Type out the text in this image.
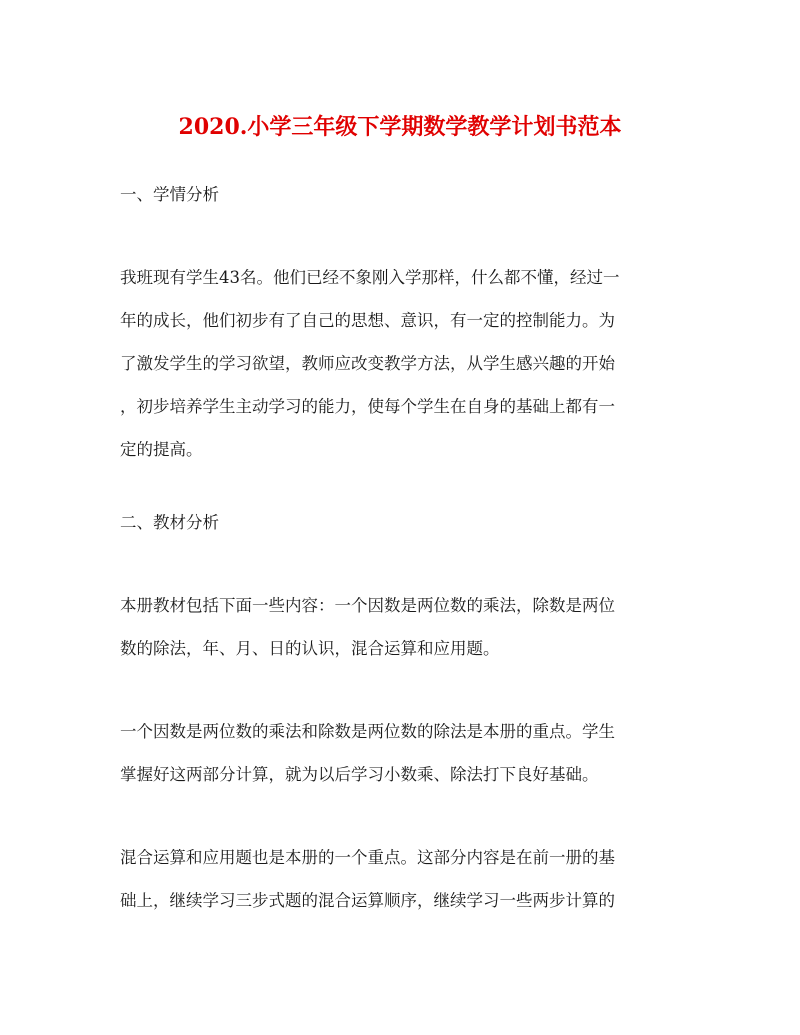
2020.小学三年级下学期数学教学计划书范本
一、学情分析
我班现有学生43名。他们已经不象刚入学那样，什么都不懂，经过一
年的成长，他们初步有了自己的思想、意识，有一定的控制能力。为
了激发学生的学习欲望，教师应改变教学方法，从学生感兴趣的开始
，初步培养学生主动学习的能力，使每个学生在自身的基础上都有一
定的提高。
二、教材分析
本册教材包括下面一些内容：一个因数是两位数的乘法，除数是两位
数的除法，年、月、日的认识，混合运算和应用题。
一个因数是两位数的乘法和除数是两位数的除法是本册的重点。学生
掌握好这两部分计算，就为以后学习小数乘、除法打下良好基础。
混合运算和应用题也是本册的一个重点。这部分内容是在前一册的基
础上，继续学习三步式题的混合运算顺序，继续学习一些两步计算的
